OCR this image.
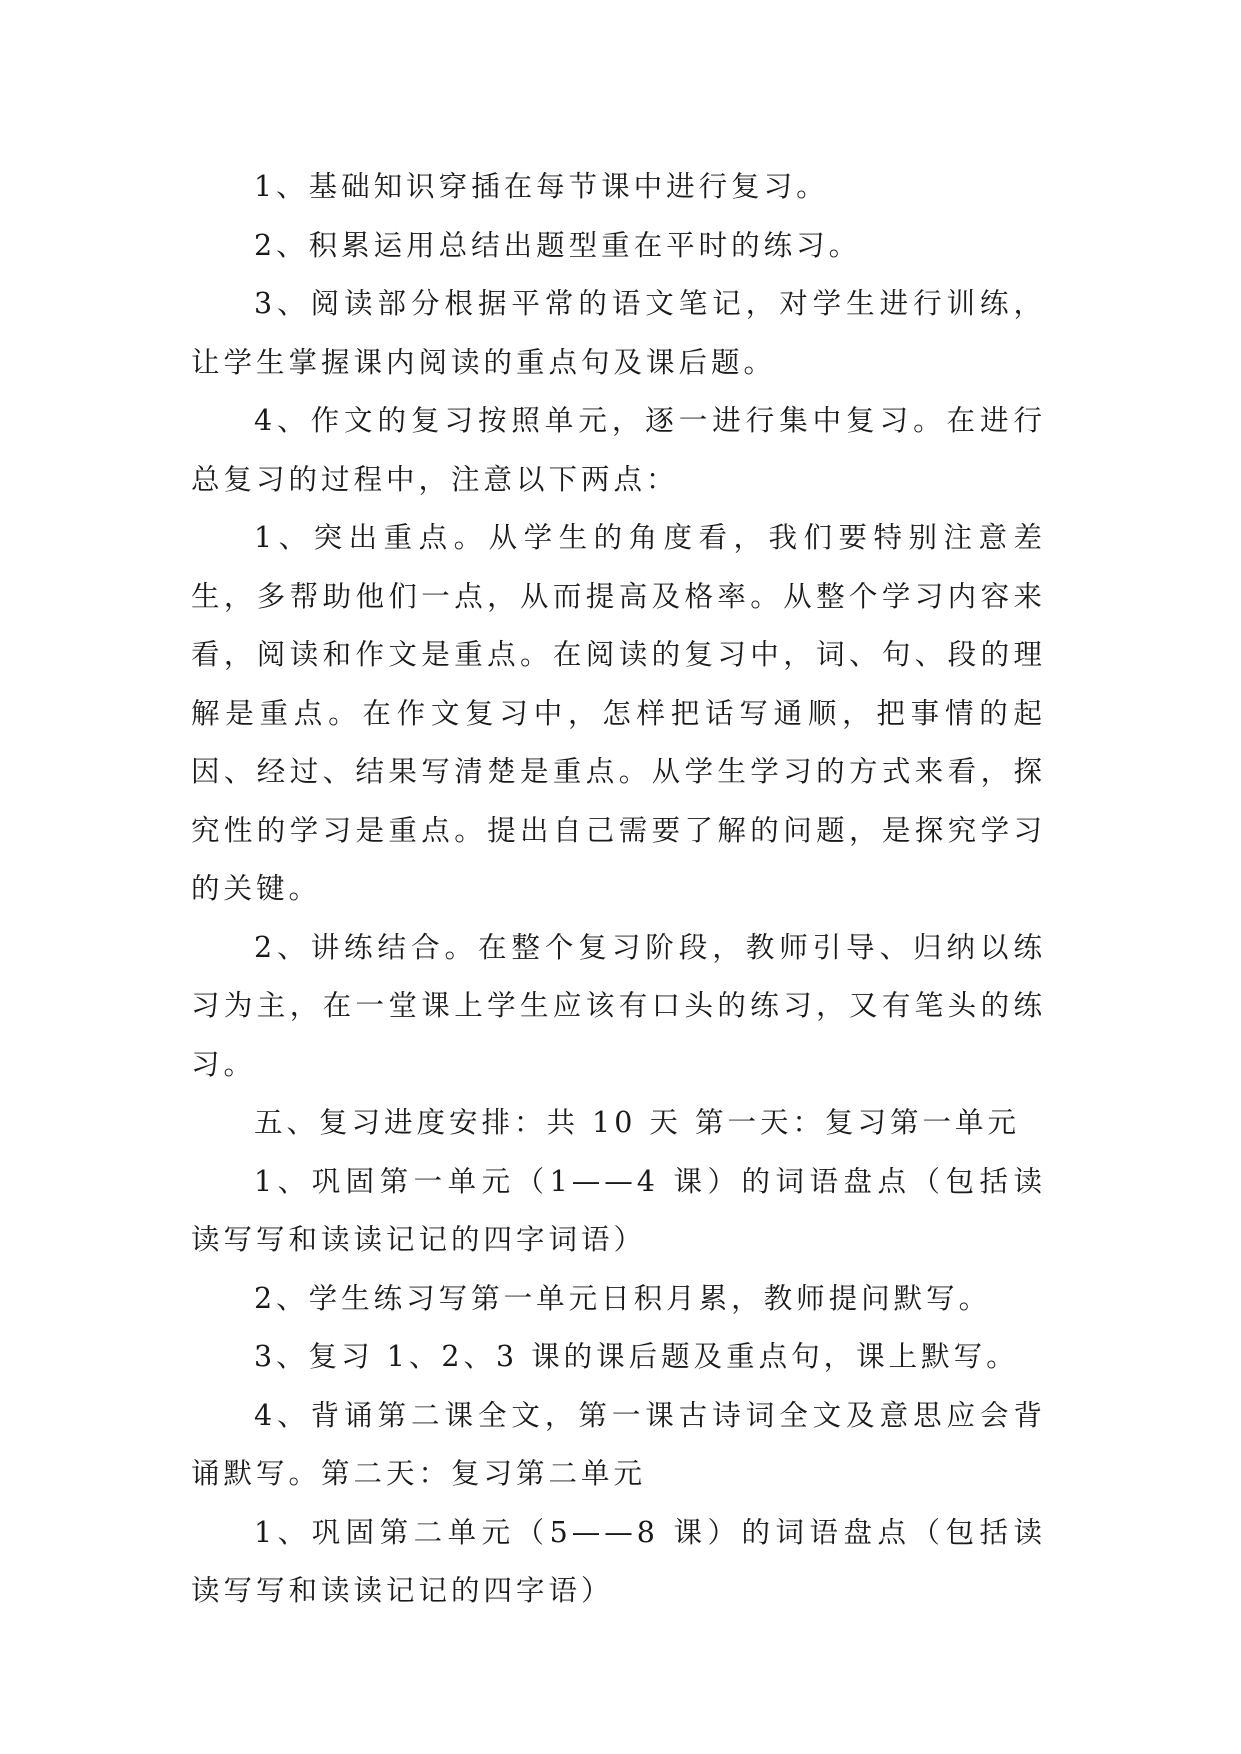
1、基础知识穿插在每节课中进行复习。

2、积累运用总结出题型重在平时的练习。

3、阅读部分根据平常的语文笔记，对学生进行训练，让学生掌握课内阅读的重点句及课后题。

4、作文的复习按照单元，逐一进行集中复习。在进行总复习的过程中，注意以下两点：

1、突出重点。从学生的角度看，我们要特别注意差生，多帮助他们一点，从而提高及格率。从整个学习内容来看，阅读和作文是重点。在阅读的复习中，词、句、段的理解是重点。在作文复习中，怎样把话写通顺，把事情的起因、经过、结果写清楚是重点。从学生学习的方式来看，探究性的学习是重点。提出自己需要了解的问题，是探究学习的关键。

2、讲练结合。在整个复习阶段，教师引导、归纳以练习为主，在一堂课上学生应该有口头的练习，又有笔头的练习。

五、复习进度安排：共 10 天 第一天：复习第一单元

1、巩固第一单元（1——4 课）的词语盘点（包括读读写写和读读记记的四字词语）

2、学生练习写第一单元日积月累，教师提问默写。

3、复习 1、2、3 课的课后题及重点句，课上默写。

4、背诵第二课全文，第一课古诗词全文及意思应会背诵默写。第二天：复习第二单元

1、巩固第二单元（5——8 课）的词语盘点（包括读读写写和读读记记的四字语）
